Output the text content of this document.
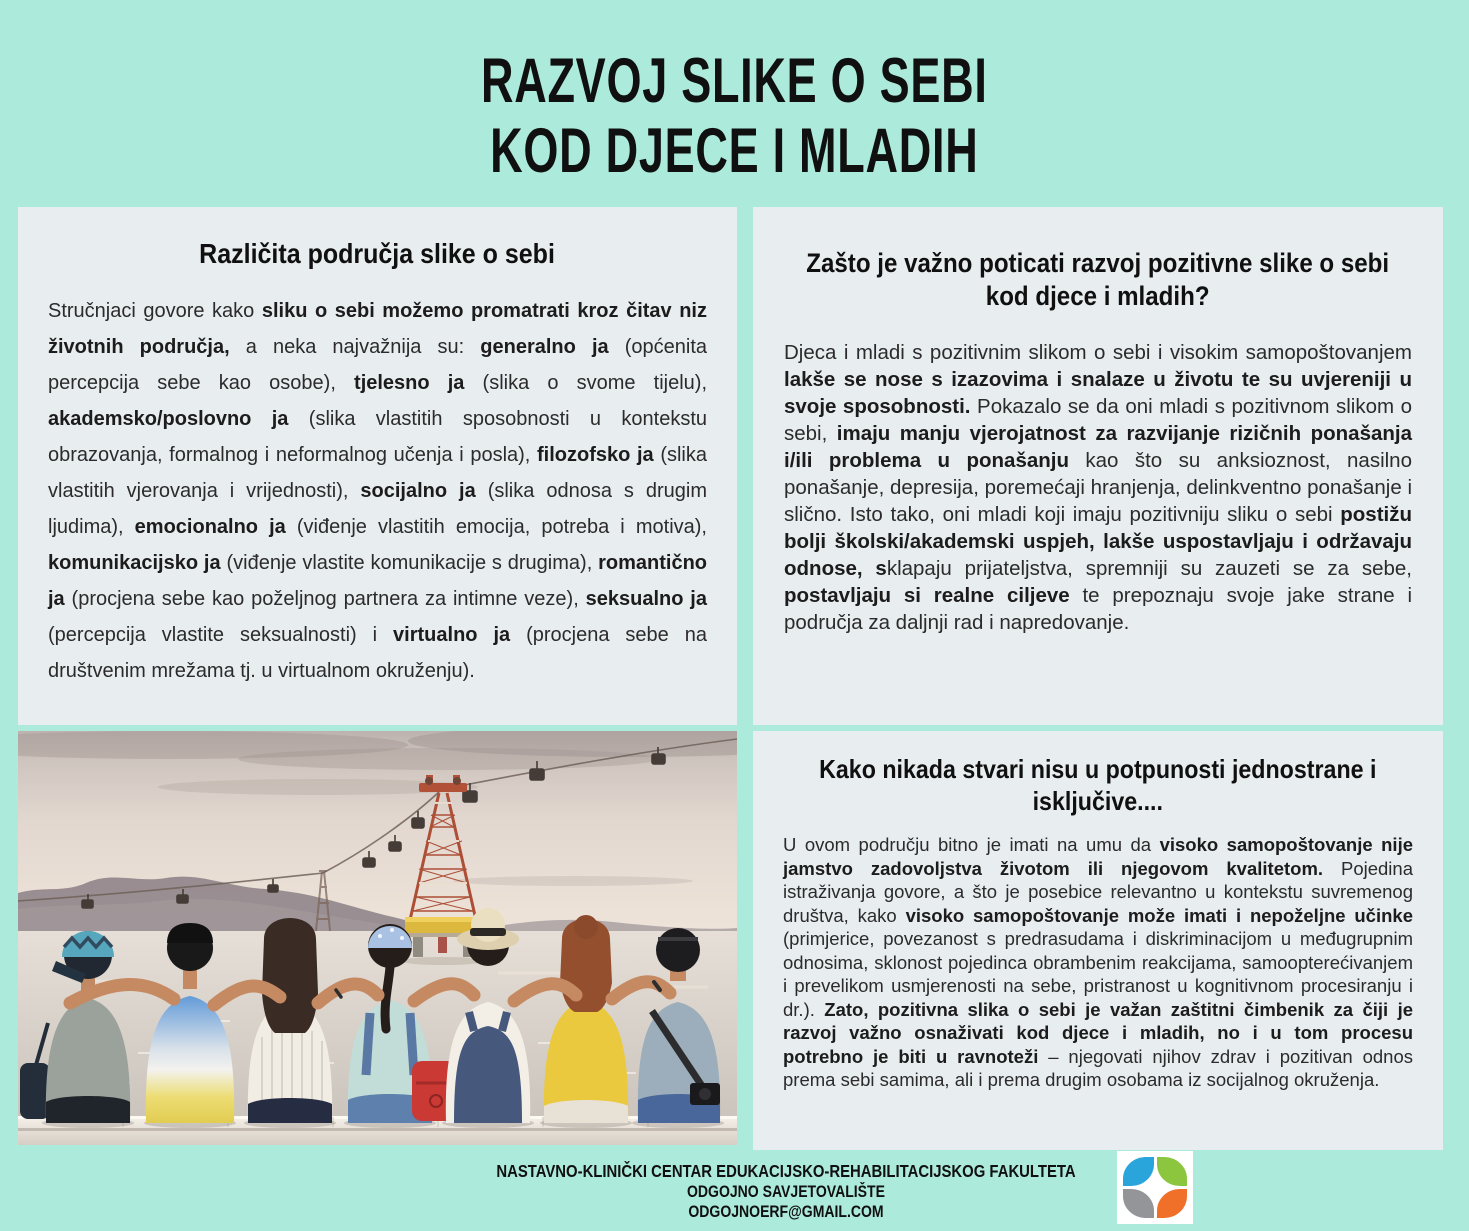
RAZVOJ SLIKE O SEBI
KOD DJECE I MLADIH
Različita područja slike o sebi

Stručnjaci govore kako sliku o sebi možemo promatrati kroz čitav niz životnih područja, a neka najvažnija su: generalno ja (općenita percepcija sebe kao osobe), tjelesno ja (slika o svome tijelu), akademsko/poslovno ja (slika vlastitih sposobnosti u kontekstu obrazovanja, formalnog i neformalnog učenja i posla), filozofsko ja (slika vlastitih vjerovanja i vrijednosti), socijalno ja (slika odnosa s drugim ljudima), emocionalno ja (viđenje vlastitih emocija, potreba i motiva), komunikacijsko ja (viđenje vlastite komunikacije s drugima), romantično ja (procjena sebe kao poželjnog partnera za intimne veze), seksualno ja (percepcija vlastite seksualnosti) i virtualno ja (procjena sebe na društvenim mrežama tj. u virtualnom okruženju).

Zašto je važno poticati razvoj pozitivne slike o sebi kod djece i mladih?

Djeca i mladi s pozitivnim slikom o sebi i visokim samopoštovanjem lakše se nose s izazovima i snalaze u životu te su uvjereniji u svoje sposobnosti. Pokazalo se da oni mladi s pozitivnom slikom o sebi, imaju manju vjerojatnost za razvijanje rizičnih ponašanja i/ili problema u ponašanju kao što su anksioznost, nasilno ponašanje, depresija, poremećaji hranjenja, delinkventno ponašanje i slično. Isto tako, oni mladi koji imaju pozitivniju sliku o sebi postižu bolji školski/akademski uspjeh, lakše uspostavljaju i održavaju odnose, sklapaju prijateljstva, spremniji su zauzeti se za sebe, postavljaju si realne ciljeve te prepoznaju svoje jake strane i područja za daljnji rad i napredovanje.

Kako nikada stvari nisu u potpunosti jednostrane i isključive....

U ovom području bitno je imati na umu da visoko samopoštovanje nije jamstvo zadovoljstva životom ili njegovom kvalitetom. Pojedina istraživanja govore, a što je posebice relevantno u kontekstu suvremenog društva, kako visoko samopoštovanje može imati i nepoželjne učinke (primjerice, povezanost s predrasudama i diskriminacijom u međugrupnim odnosima, sklonost pojedinca obrambenim reakcijama, samoopterećivanjem i prevelikom usmjerenosti na sebe, pristranost u kognitivnom procesiranju i dr.). Zato, pozitivna slika o sebi je važan zaštitni čimbenik za čiji je razvoj važno osnaživati kod djece i mladih, no i u tom procesu potrebno je biti u ravnoteži – njegovati njihov zdrav i pozitivan odnos prema sebi samima, ali i prema drugim osobama iz socijalnog okruženja.

NASTAVNO-KLINIČKI CENTAR EDUKACIJSKO-REHABILITACIJSKOG FAKULTETA
ODGOJNO SAVJETOVALIŠTE
ODGOJNOERF@GMAIL.COM
